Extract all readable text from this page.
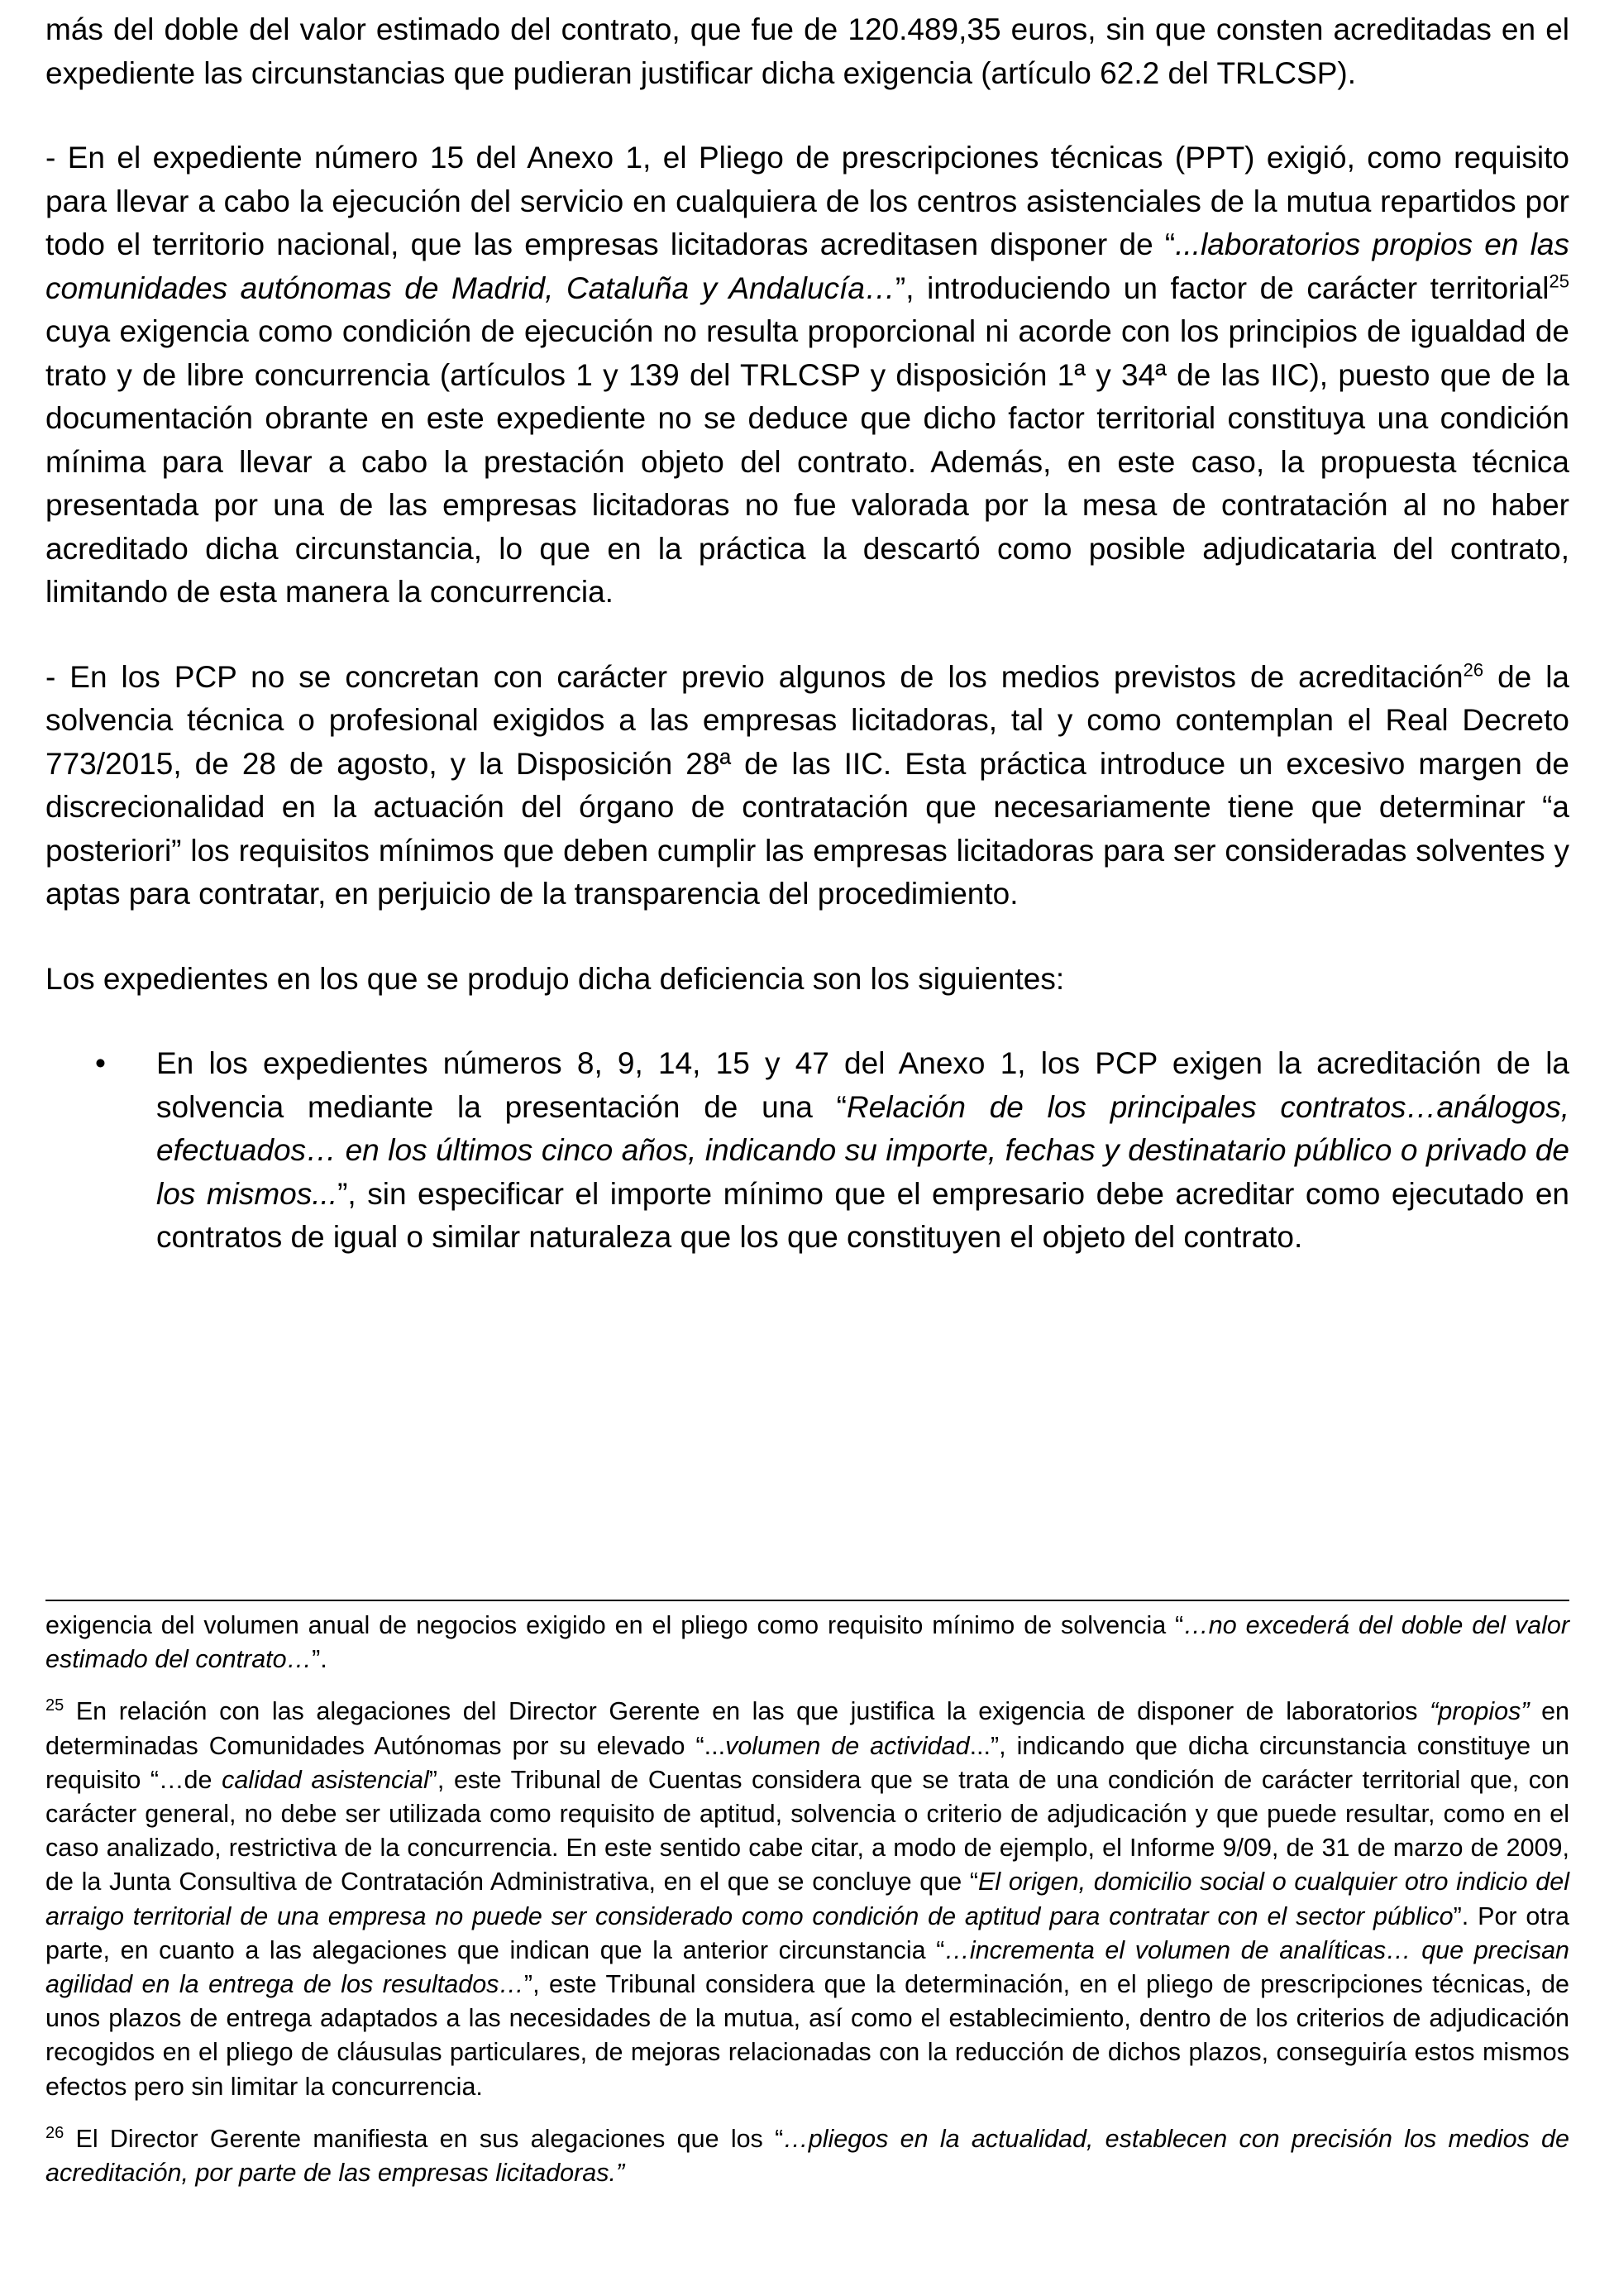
más del doble del valor estimado del contrato, que fue de 120.489,35 euros, sin que consten acreditadas en el expediente las circunstancias que pudieran justificar dicha exigencia (artículo 62.2 del TRLCSP).

- En el expediente número 15 del Anexo 1, el Pliego de prescripciones técnicas (PPT) exigió, como requisito para llevar a cabo la ejecución del servicio en cualquiera de los centros asistenciales de la mutua repartidos por todo el territorio nacional, que las empresas licitadoras acreditasen disponer de “...laboratorios propios en las comunidades autónomas de Madrid, Cataluña y Andalucía…”, introduciendo un factor de carácter territorial$^{25}$ cuya exigencia como condición de ejecución no resulta proporcional ni acorde con los principios de igualdad de trato y de libre concurrencia (artículos 1 y 139 del TRLCSP y disposición 1ª y 34ª de las IIC), puesto que de la documentación obrante en este expediente no se deduce que dicho factor territorial constituya una condición mínima para llevar a cabo la prestación objeto del contrato. Además, en este caso, la propuesta técnica presentada por una de las empresas licitadoras no fue valorada por la mesa de contratación al no haber acreditado dicha circunstancia, lo que en la práctica la descartó como posible adjudicataria del contrato, limitando de esta manera la concurrencia.

- En los PCP no se concretan con carácter previo algunos de los medios previstos de acreditación$^{26}$ de la solvencia técnica o profesional exigidos a las empresas licitadoras, tal y como contemplan el Real Decreto 773/2015, de 28 de agosto, y la Disposición 28ª de las IIC. Esta práctica introduce un excesivo margen de discrecionalidad en la actuación del órgano de contratación que necesariamente tiene que determinar “a posteriori” los requisitos mínimos que deben cumplir las empresas licitadoras para ser consideradas solventes y aptas para contratar, en perjuicio de la transparencia del procedimiento.

Los expedientes en los que se produjo dicha deficiencia son los siguientes:

• En los expedientes números 8, 9, 14, 15 y 47 del Anexo 1, los PCP exigen la acreditación de la solvencia mediante la presentación de una “Relación de los principales contratos…análogos, efectuados… en los últimos cinco años, indicando su importe, fechas y destinatario público o privado de los mismos...”, sin especificar el importe mínimo que el empresario debe acreditar como ejecutado en contratos de igual o similar naturaleza que los que constituyen el objeto del contrato.

exigencia del volumen anual de negocios exigido en el pliego como requisito mínimo de solvencia “…no excederá del doble del valor estimado del contrato…”.

$^{25}$ En relación con las alegaciones del Director Gerente en las que justifica la exigencia de disponer de laboratorios “propios” en determinadas Comunidades Autónomas por su elevado “...volumen de actividad...”, indicando que dicha circunstancia constituye un requisito “…de calidad asistencial”, este Tribunal de Cuentas considera que se trata de una condición de carácter territorial que, con carácter general, no debe ser utilizada como requisito de aptitud, solvencia o criterio de adjudicación y que puede resultar, como en el caso analizado, restrictiva de la concurrencia. En este sentido cabe citar, a modo de ejemplo, el Informe 9/09, de 31 de marzo de 2009, de la Junta Consultiva de Contratación Administrativa, en el que se concluye que “El origen, domicilio social o cualquier otro indicio del arraigo territorial de una empresa no puede ser considerado como condición de aptitud para contratar con el sector público”. Por otra parte, en cuanto a las alegaciones que indican que la anterior circunstancia “…incrementa el volumen de analíticas… que precisan agilidad en la entrega de los resultados…”, este Tribunal considera que la determinación, en el pliego de prescripciones técnicas, de unos plazos de entrega adaptados a las necesidades de la mutua, así como el establecimiento, dentro de los criterios de adjudicación recogidos en el pliego de cláusulas particulares, de mejoras relacionadas con la reducción de dichos plazos, conseguiría estos mismos efectos pero sin limitar la concurrencia.

$^{26}$ El Director Gerente manifiesta en sus alegaciones que los “…pliegos en la actualidad, establecen con precisión los medios de acreditación, por parte de las empresas licitadoras.”
